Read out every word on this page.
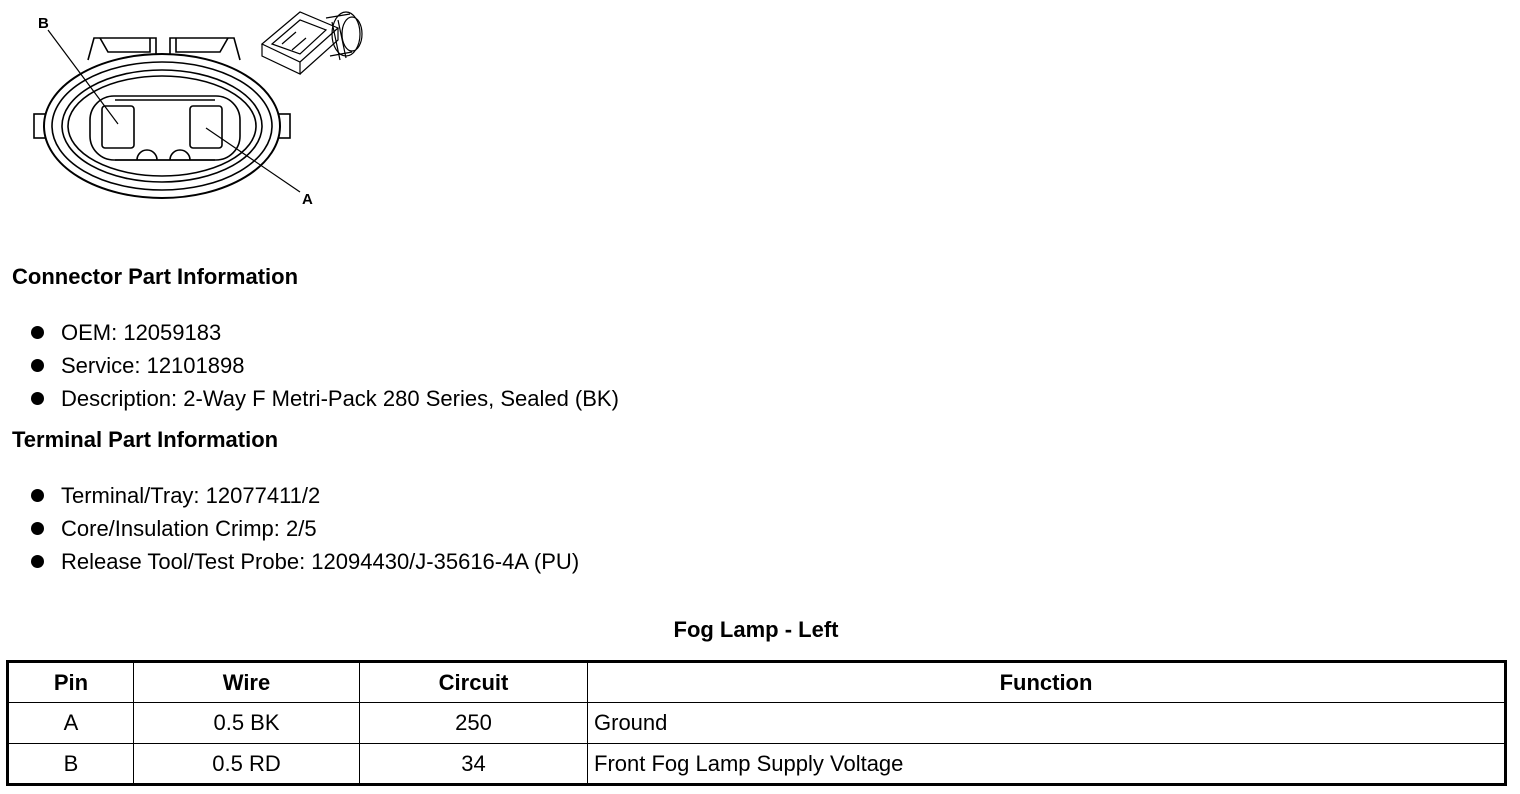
B
A
Connector Part Information
OEM: 12059183
Service: 12101898
Description: 2-Way F Metri-Pack 280 Series, Sealed (BK)
Terminal Part Information
Terminal/Tray: 12077411/2
Core/Insulation Crimp: 2/5
Release Tool/Test Probe: 12094430/J-35616-4A (PU)
Fog Lamp - Left
Pin	Wire	Circuit	Function
A	0.5 BK	250	Ground
B	0.5 RD	34	Front Fog Lamp Supply Voltage
